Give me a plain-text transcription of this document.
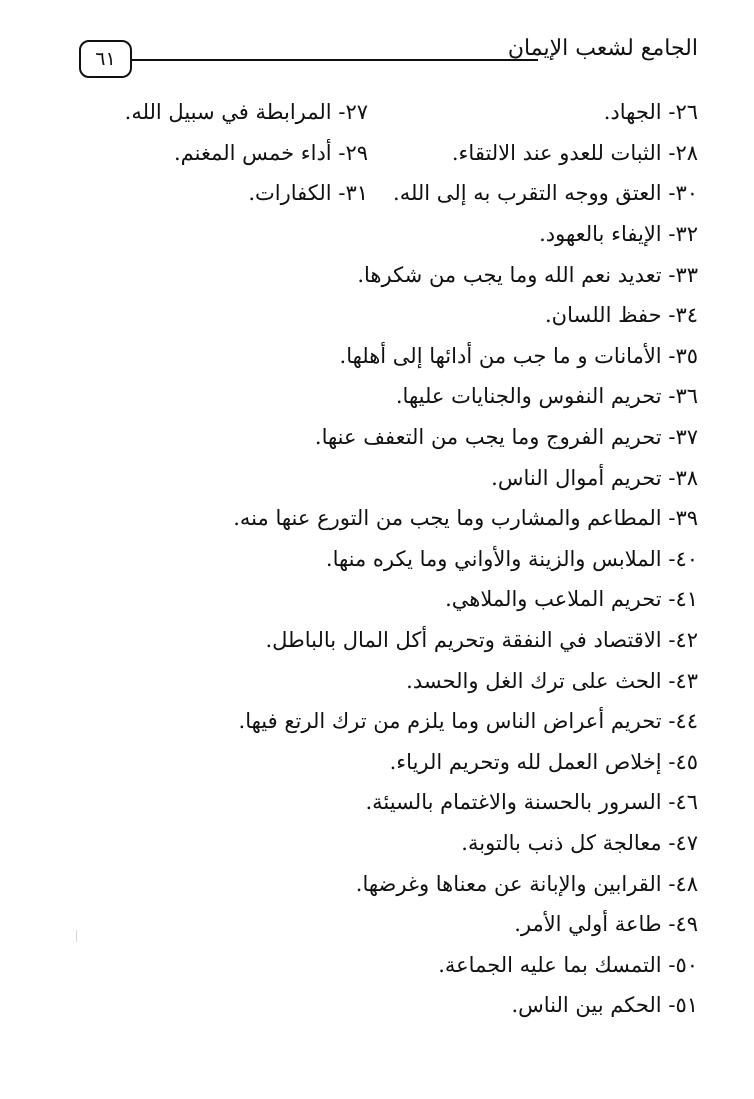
الجامع لشعب الإيمان
٦١
٢٦- الجهاد.
٢٧- المرابطة في سبيل الله.
٢٨- الثبات للعدو عند الالتقاء.
٢٩- أداء خمس المغنم.
٣٠- العتق ووجه التقرب به إلى الله.
٣١- الكفارات.
٣٢- الإيفاء بالعهود.
٣٣- تعديد نعم الله وما يجب من شكرها.
٣٤- حفظ اللسان.
٣٥- الأمانات و ما جب من أدائها إلى أهلها.
٣٦- تحريم النفوس والجنايات عليها.
٣٧- تحريم الفروج وما يجب من التعفف عنها.
٣٨- تحريم أموال الناس.
٣٩- المطاعم والمشارب وما يجب من التورع عنها منه.
٤٠- الملابس والزينة والأواني وما يكره منها.
٤١- تحريم الملاعب والملاهي.
٤٢- الاقتصاد في النفقة وتحريم أكل المال بالباطل.
٤٣- الحث على ترك الغل والحسد.
٤٤- تحريم أعراض الناس وما يلزم من ترك الرتع فيها.
٤٥- إخلاص العمل لله وتحريم الرياء.
٤٦- السرور بالحسنة والاغتمام بالسيئة.
٤٧- معالجة كل ذنب بالتوبة.
٤٨- القرابين والإبانة عن معناها وغرضها.
٤٩- طاعة أولي الأمر.
٥٠- التمسك بما عليه الجماعة.
٥١- الحكم بين الناس.
